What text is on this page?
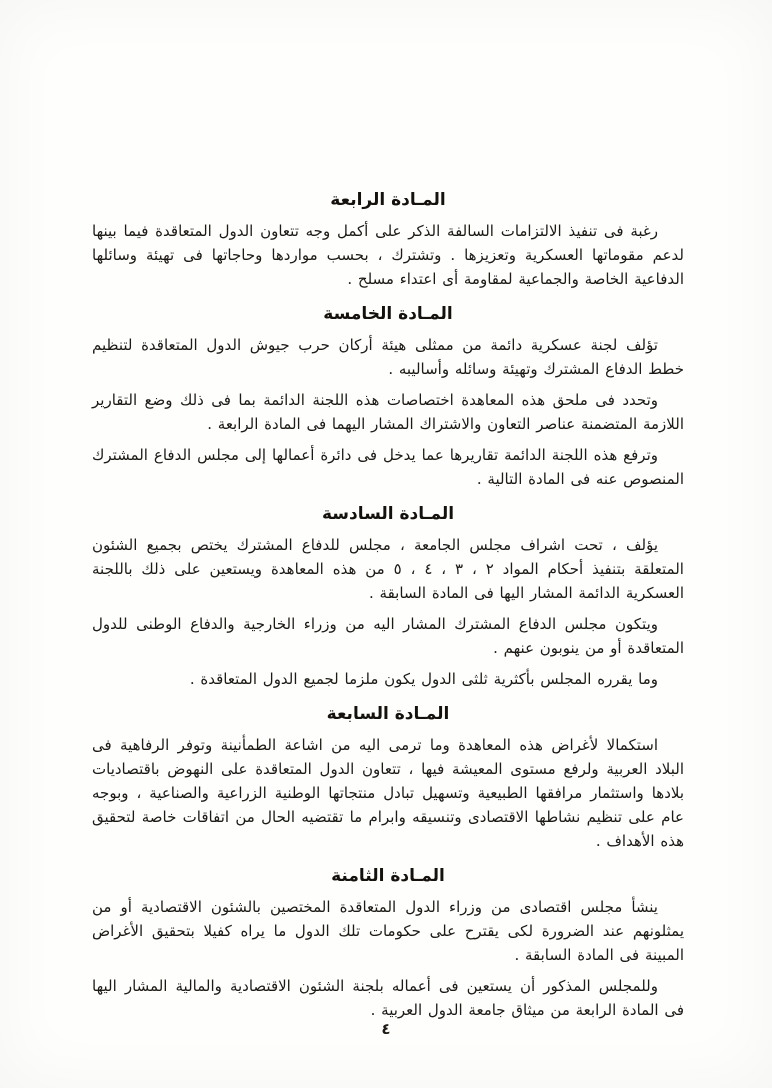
المـادة الرابعة

رغبة فى تنفيذ الالتزامات السالفة الذكر على أكمل وجه تتعاون الدول المتعاقدة فيما بينها لدعم مقوماتها العسكرية وتعزيزها . وتشترك ، بحسب مواردها وحاجاتها فى تهيئة وسائلها الدفاعية الخاصة والجماعية لمقاومة أى اعتداء مسلح .

المـادة الخامسة

تؤلف لجنة عسكرية دائمة من ممثلى هيئة أركان حرب جيوش الدول المتعاقدة لتنظيم خطط الدفاع المشترك وتهيئة وسائله وأساليبه .

وتحدد فى ملحق هذه المعاهدة اختصاصات هذه اللجنة الدائمة بما فى ذلك وضع التقارير اللازمة المتضمنة عناصر التعاون والاشتراك المشار اليهما فى المادة الرابعة .

وترفع هذه اللجنة الدائمة تقاريرها عما يدخل فى دائرة أعمالها إلى مجلس الدفاع المشترك المنصوص عنه فى المادة التالية .

المـادة السادسة

يؤلف ، تحت اشراف مجلس الجامعة ، مجلس للدفاع المشترك يختص بجميع الشئون المتعلقة بتنفيذ أحكام المواد ٢ ، ٣ ، ٤ ، ٥ من هذه المعاهدة ويستعين على ذلك باللجنة العسكرية الدائمة المشار اليها فى المادة السابقة .

ويتكون مجلس الدفاع المشترك المشار اليه من وزراء الخارجية والدفاع الوطنى للدول المتعاقدة أو من ينوبون عنهم .

وما يقرره المجلس بأكثرية ثلثى الدول يكون ملزما لجميع الدول المتعاقدة .

المـادة السابعة

استكمالا لأغراض هذه المعاهدة وما ترمى اليه من اشاعة الطمأنينة وتوفر الرفاهية فى البلاد العربية ولرفع مستوى المعيشة فيها ، تتعاون الدول المتعاقدة على النهوض باقتصاديات بلادها واستثمار مرافقها الطبيعية وتسهيل تبادل منتجاتها الوطنية الزراعية والصناعية ، وبوجه عام على تنظيم نشاطها الاقتصادى وتنسيقه وابرام ما تقتضيه الحال من اتفاقات خاصة لتحقيق هذه الأهداف .

المـادة الثامنة

ينشأ مجلس اقتصادى من وزراء الدول المتعاقدة المختصين بالشئون الاقتصادية أو من يمثلونهم عند الضرورة لكى يقترح على حكومات تلك الدول ما يراه كفيلا بتحقيق الأغراض المبينة فى المادة السابقة .

وللمجلس المذكور أن يستعين فى أعماله بلجنة الشئون الاقتصادية والمالية المشار اليها فى المادة الرابعة من ميثاق جامعة الدول العربية .

٤
